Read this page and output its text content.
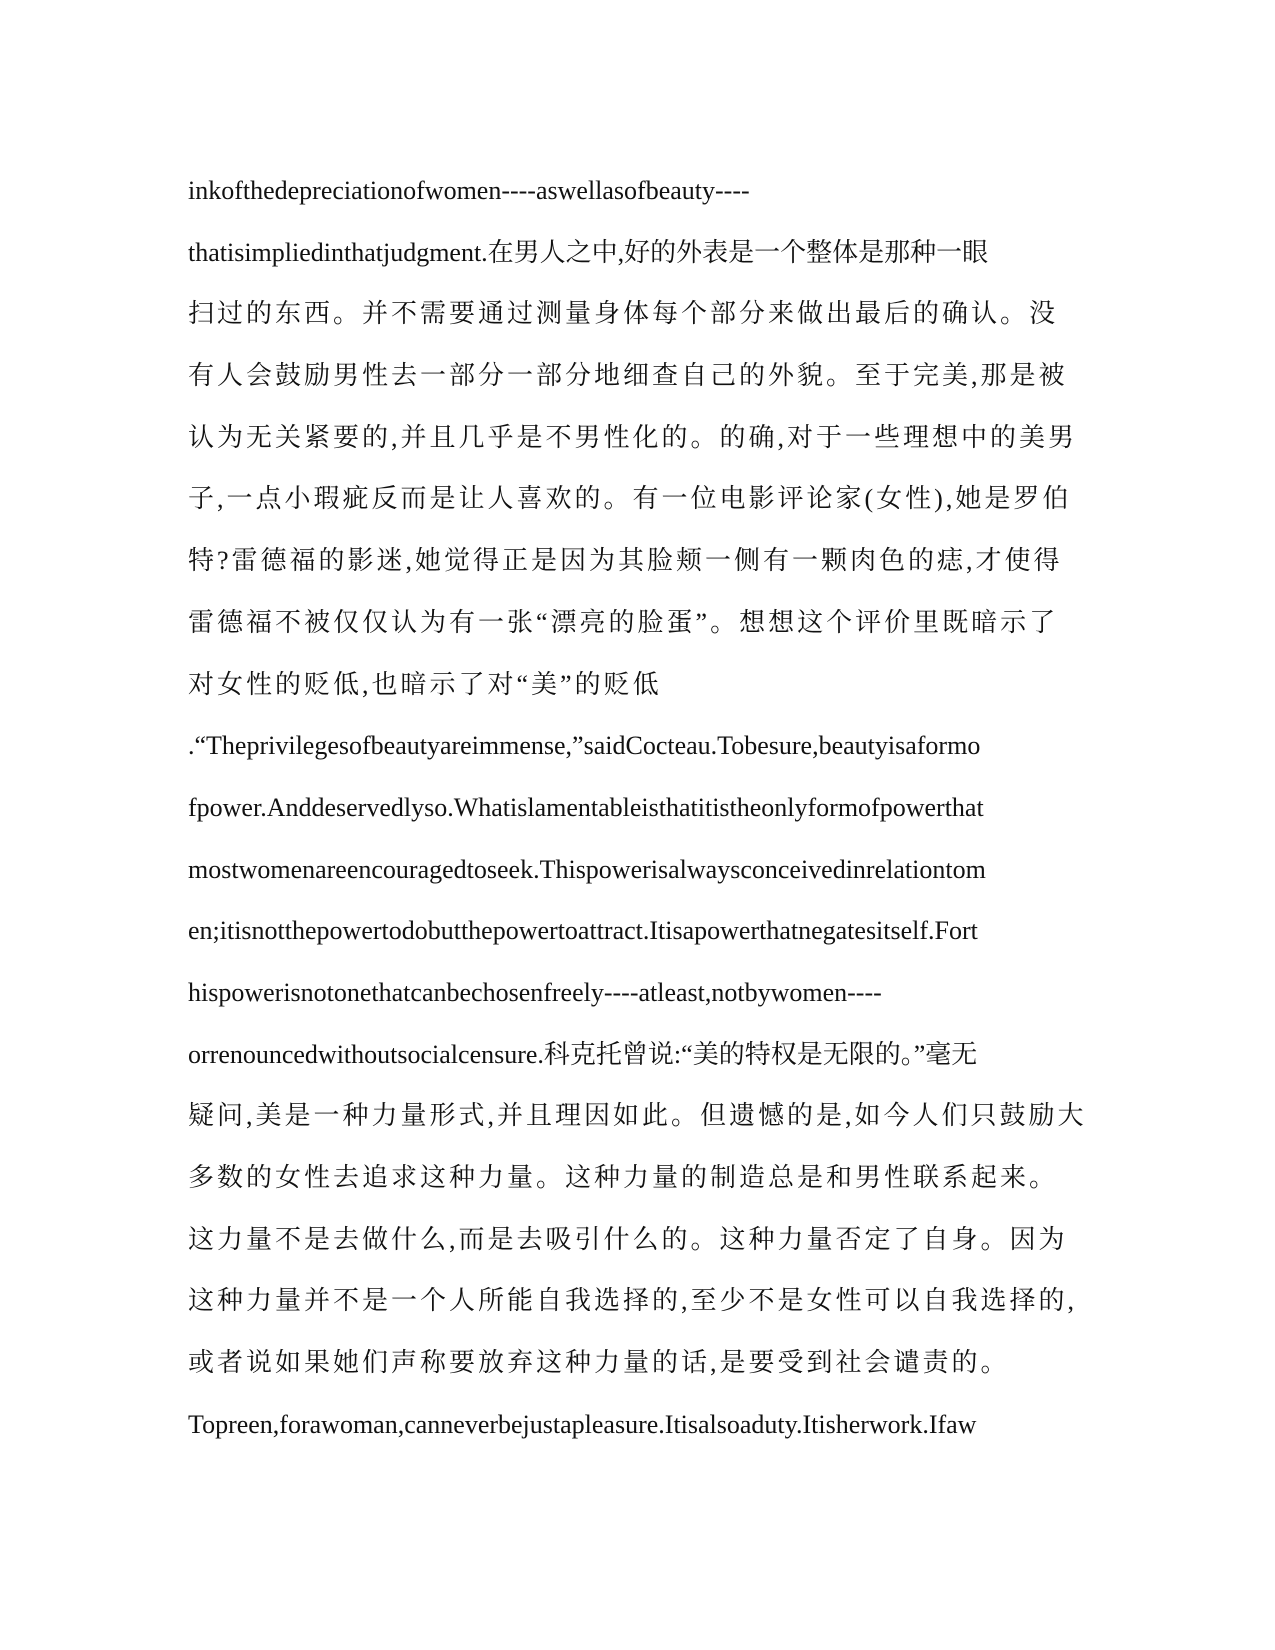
inkofthedepreciationofwomen----aswellasofbeauty----
thatisimpliedinthatjudgment.在男人之中,好的外表是一个整体是那种一眼
扫过的东西。并不需要通过测量身体每个部分来做出最后的确认。没
有人会鼓励男性去一部分一部分地细查自己的外貌。至于完美,那是被
认为无关紧要的,并且几乎是不男性化的。的确,对于一些理想中的美男
子,一点小瑕疵反而是让人喜欢的。有一位电影评论家(女性),她是罗伯
特?雷德福的影迷,她觉得正是因为其脸颊一侧有一颗肉色的痣,才使得
雷德福不被仅仅认为有一张“漂亮的脸蛋”。想想这个评价里既暗示了
对女性的贬低,也暗示了对“美”的贬低
.“Theprivilegesofbeautyareimmense,”saidCocteau.Tobesure,beautyisaformo
fpower.Anddeservedlyso.Whatislamentableisthatitistheonlyformofpowerthat
mostwomenareencouragedtoseek.Thispowerisalwaysconceivedinrelationtom
en;itisnotthepowertodobutthepowertoattract.Itisapowerthatnegatesitself.Fort
hispowerisnotonethatcanbechosenfreely----atleast,notbywomen----
orrenouncedwithoutsocialcensure.科克托曾说:“美的特权是无限的。”毫无
疑问,美是一种力量形式,并且理因如此。但遗憾的是,如今人们只鼓励大
多数的女性去追求这种力量。这种力量的制造总是和男性联系起来。
这力量不是去做什么,而是去吸引什么的。这种力量否定了自身。因为
这种力量并不是一个人所能自我选择的,至少不是女性可以自我选择的,
或者说如果她们声称要放弃这种力量的话,是要受到社会谴责的。
Topreen,forawoman,canneverbejustapleasure.Itisalsoaduty.Itisherwork.Ifaw
